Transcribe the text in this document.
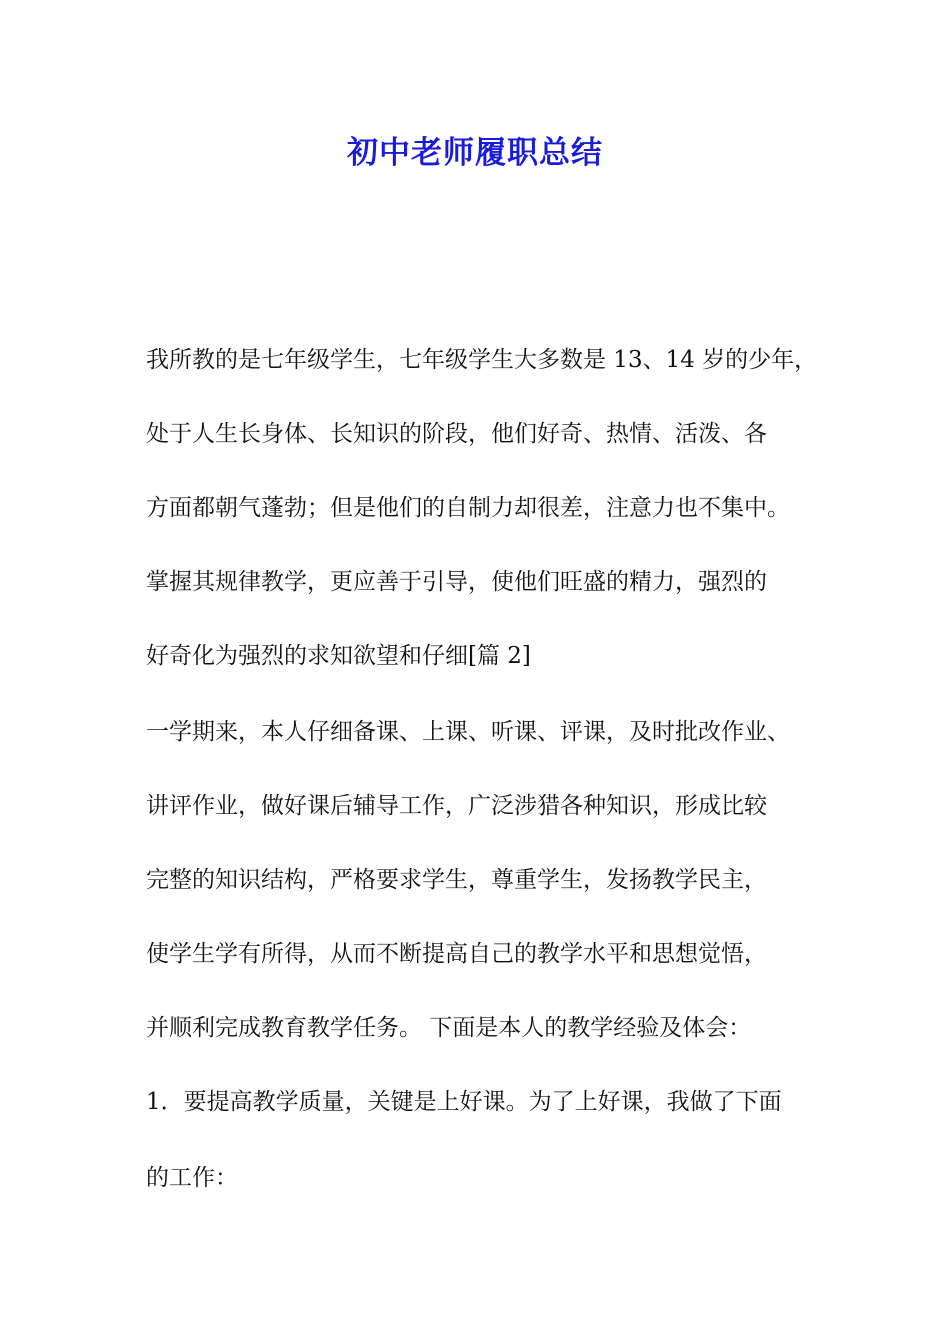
初中老师履职总结

我所教的是七年级学生，七年级学生大多数是 13、14 岁的少年，

处于人生长身体、长知识的阶段，他们好奇、热情、活泼、各

方面都朝气蓬勃；但是他们的自制力却很差，注意力也不集中。

掌握其规律教学，更应善于引导，使他们旺盛的精力，强烈的

好奇化为强烈的求知欲望和仔细[篇 2]

一学期来，本人仔细备课、上课、听课、评课，及时批改作业、

讲评作业，做好课后辅导工作，广泛涉猎各种知识，形成比较

完整的知识结构，严格要求学生，尊重学生，发扬教学民主，

使学生学有所得，从而不断提高自己的教学水平和思想觉悟，

并顺利完成教育教学任务。 下面是本人的教学经验及体会：

1．要提高教学质量，关键是上好课。为了上好课，我做了下面

的工作：
